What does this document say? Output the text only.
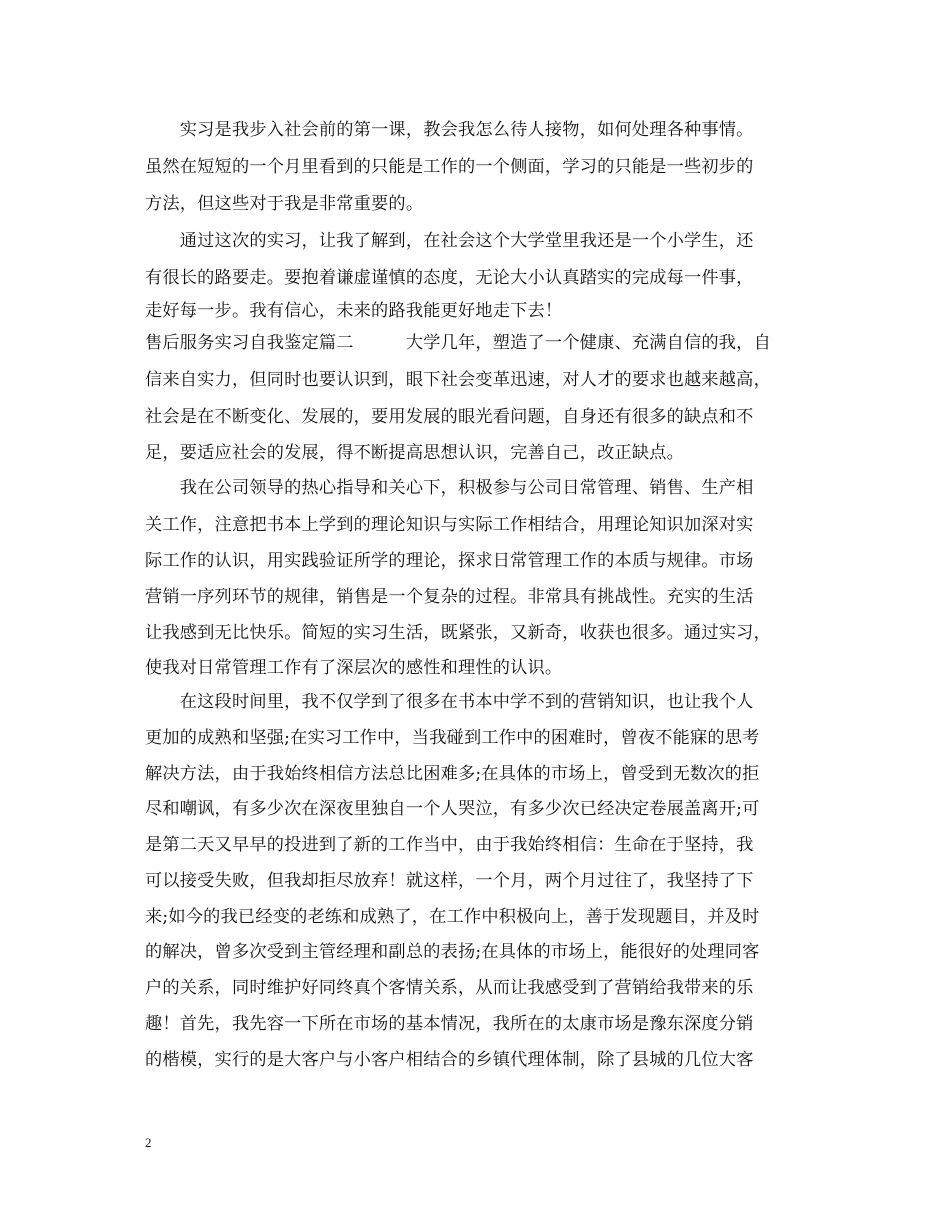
　　实习是我步入社会前的第一课，教会我怎么待人接物，如何处理各种事情。
虽然在短短的一个月里看到的只能是工作的一个侧面，学习的只能是一些初步的
方法，但这些对于我是非常重要的。
　　通过这次的实习，让我了解到，在社会这个大学堂里我还是一个小学生，还
有很长的路要走。要抱着谦虚谨慎的态度，无论大小认真踏实的完成每一件事，
走好每一步。我有信心，未来的路我能更好地走下去！
售后服务实习自我鉴定篇二　　　大学几年，塑造了一个健康、充满自信的我，自
信来自实力，但同时也要认识到，眼下社会变革迅速，对人才的要求也越来越高，
社会是在不断变化、发展的，要用发展的眼光看问题，自身还有很多的缺点和不
足，要适应社会的发展，得不断提高思想认识，完善自己，改正缺点。
　　我在公司领导的热心指导和关心下，积极参与公司日常管理、销售、生产相
关工作，注意把书本上学到的理论知识与实际工作相结合，用理论知识加深对实
际工作的认识，用实践验证所学的理论，探求日常管理工作的本质与规律。市场
营销一序列环节的规律，销售是一个复杂的过程。非常具有挑战性。充实的生活
让我感到无比快乐。简短的实习生活，既紧张，又新奇，收获也很多。通过实习，
使我对日常管理工作有了深层次的感性和理性的认识。
　　在这段时间里，我不仅学到了很多在书本中学不到的营销知识，也让我个人
更加的成熟和坚强;在实习工作中，当我碰到工作中的困难时，曾夜不能寐的思考
解决方法，由于我始终相信方法总比困难多;在具体的市场上，曾受到无数次的拒
尽和嘲讽，有多少次在深夜里独自一个人哭泣，有多少次已经决定卷展盖离开;可
是第二天又早早的投进到了新的工作当中，由于我始终相信：生命在于坚持，我
可以接受失败，但我却拒尽放弃！就这样，一个月，两个月过往了，我坚持了下
来;如今的我已经变的老练和成熟了，在工作中积极向上，善于发现题目，并及时
的解决，曾多次受到主管经理和副总的表扬;在具体的市场上，能很好的处理同客
户的关系，同时维护好同终真个客情关系，从而让我感受到了营销给我带来的乐
趣！首先，我先容一下所在市场的基本情况，我所在的太康市场是豫东深度分销
的楷模，实行的是大客户与小客户相结合的乡镇代理体制，除了县城的几位大客
2
